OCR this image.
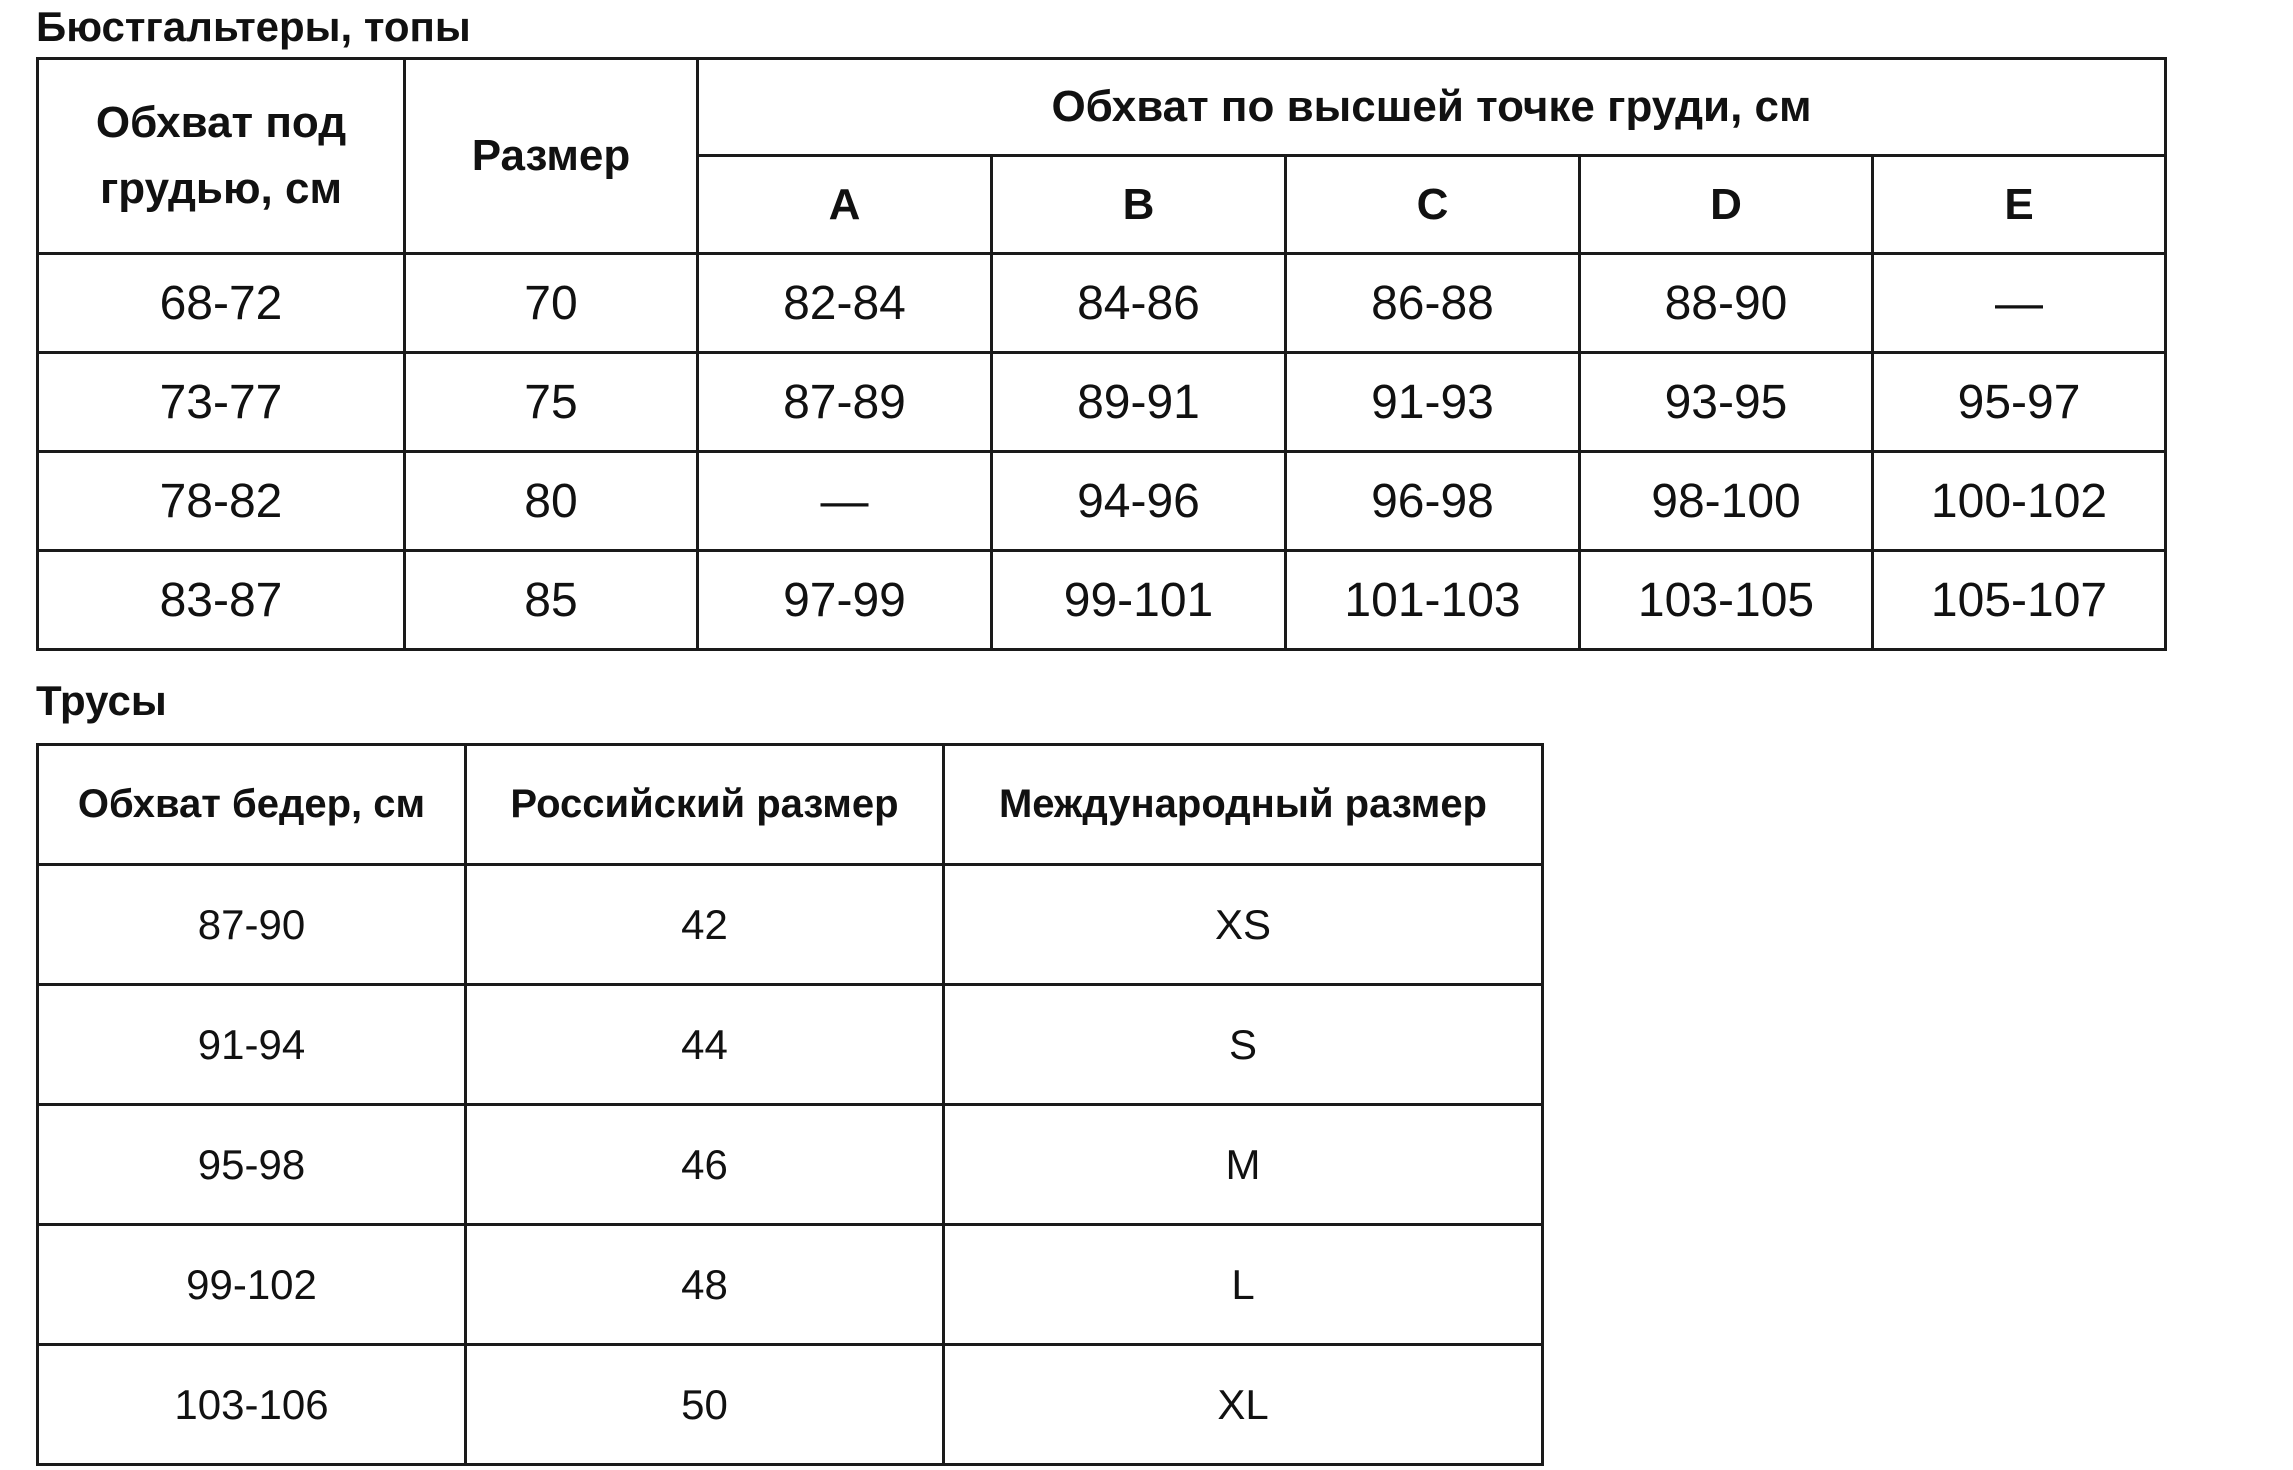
Бюстгальтеры, топы
Обхват под грудью, см	Размер	Обхват по высшей точке груди, см				
		A	B	C	D	E
68-72	70	82-84	84-86	86-88	88-90	—
73-77	75	87-89	89-91	91-93	93-95	95-97
78-82	80	—	94-96	96-98	98-100	100-102
83-87	85	97-99	99-101	101-103	103-105	105-107
Трусы
Обхват бедер, см	Российский размер	Международный размер
87-90	42	XS
91-94	44	S
95-98	46	M
99-102	48	L
103-106	50	XL
